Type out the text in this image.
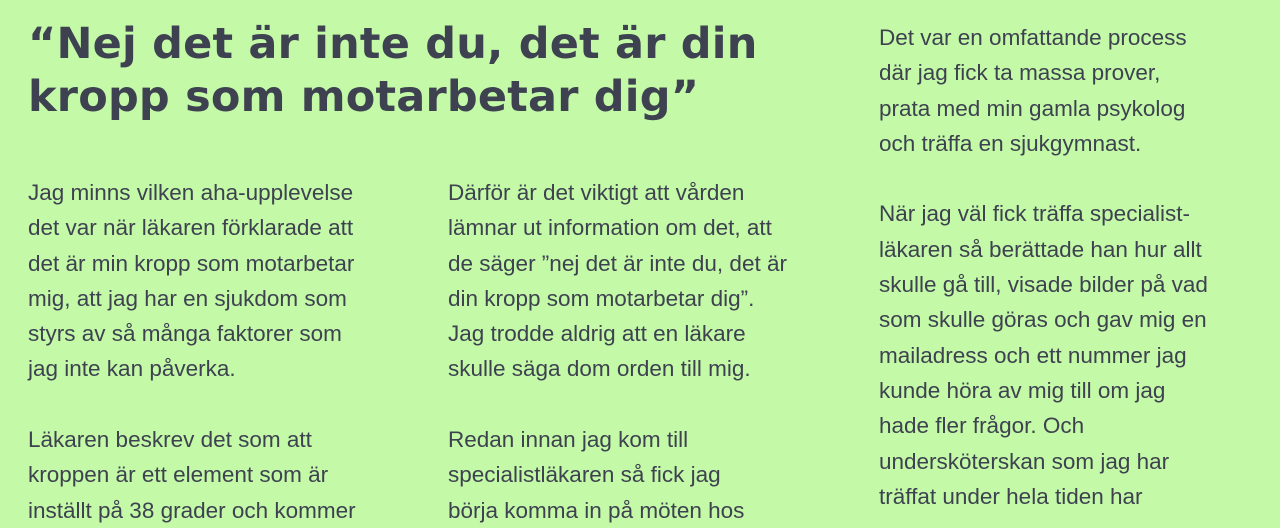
“Nej det är inte du, det är din
kropp som motarbetar dig”

Jag minns vilken aha-upplevelse
det var när läkaren förklarade att
det är min kropp som motarbetar
mig, att jag har en sjukdom som
styrs av så många faktorer som
jag inte kan påverka.

Läkaren beskrev det som att
kroppen är ett element som är
inställt på 38 grader och kommer

Därför är det viktigt att vården
lämnar ut information om det, att
de säger ”nej det är inte du, det är
din kropp som motarbetar dig”.
Jag trodde aldrig att en läkare
skulle säga dom orden till mig.

Redan innan jag kom till
specialistläkaren så fick jag
börja komma in på möten hos

Det var en omfattande process
där jag fick ta massa prover,
prata med min gamla psykolog
och träffa en sjukgymnast.

När jag väl fick träffa specialist-
läkaren så berättade han hur allt
skulle gå till, visade bilder på vad
som skulle göras och gav mig en
mailadress och ett nummer jag
kunde höra av mig till om jag
hade fler frågor. Och
undersköterskan som jag har
träffat under hela tiden har
